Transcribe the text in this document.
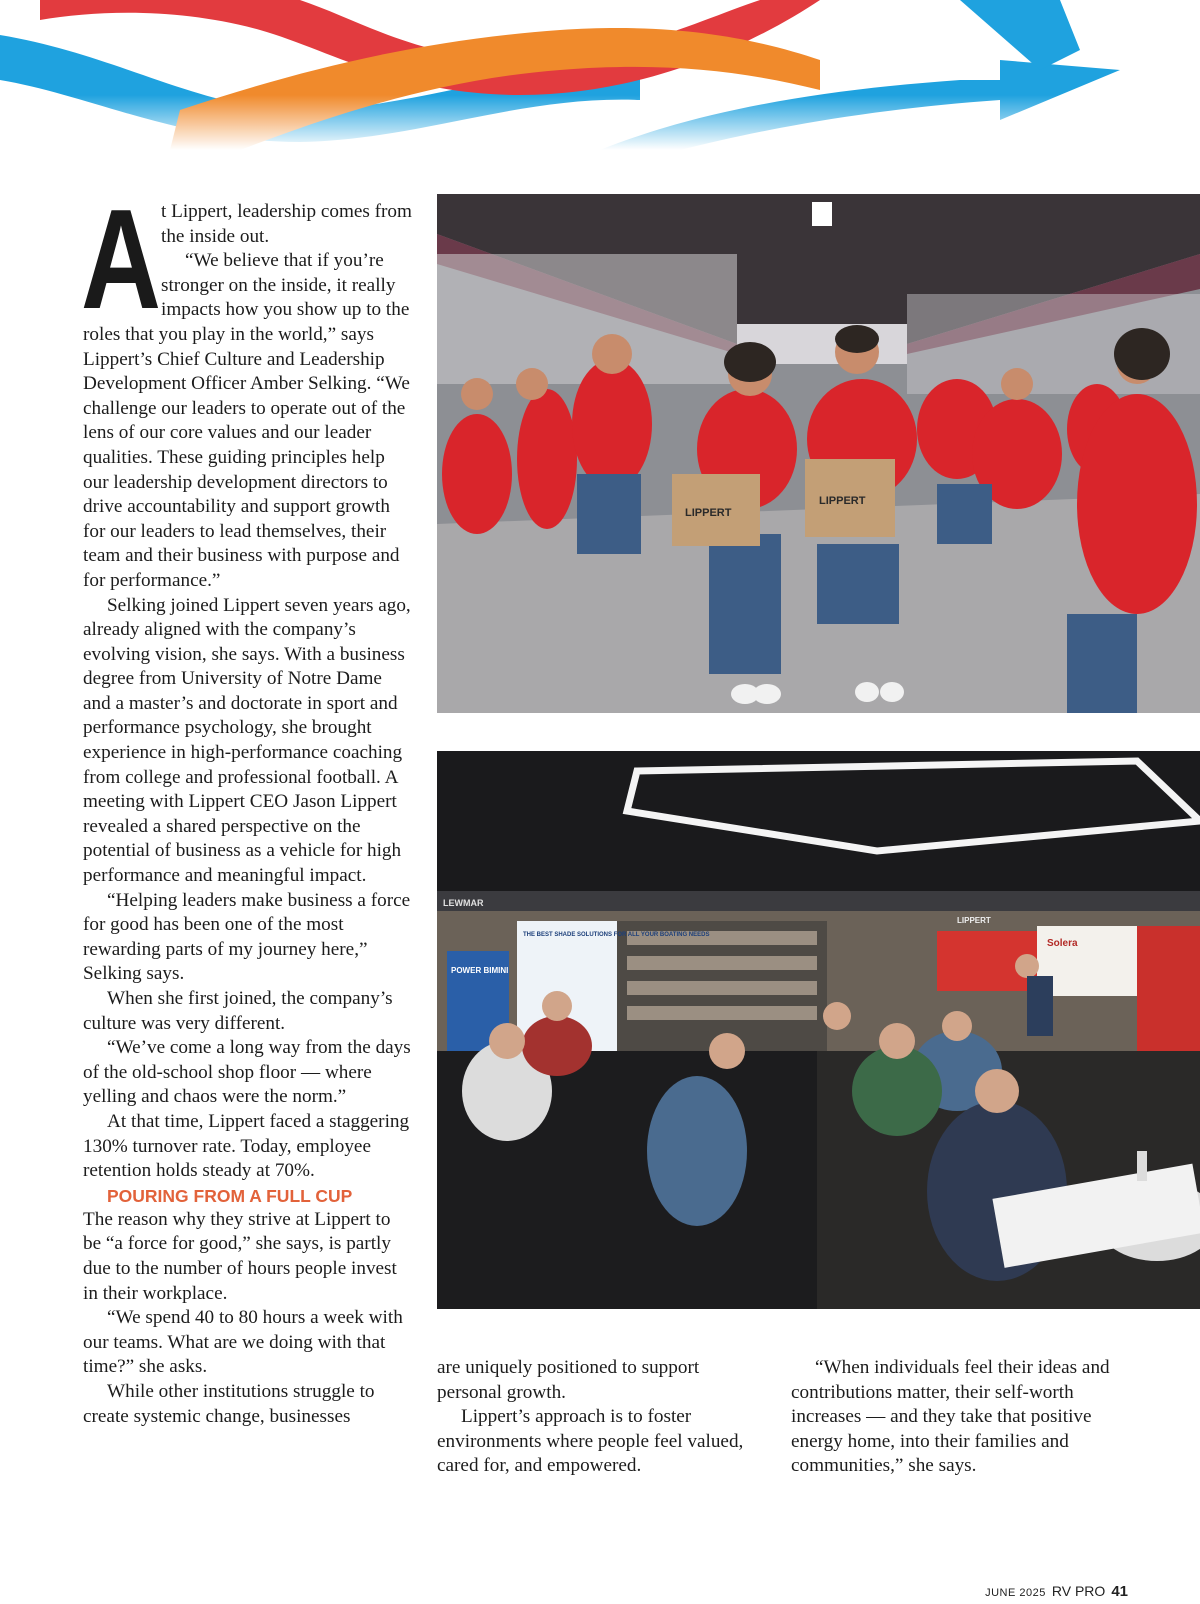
A t Lippert, leadership comes from the inside out.

“We believe that if you’re stronger on the inside, it really impacts how you show up to the roles that you play in the world,” says Lippert’s Chief Culture and Leadership Development Officer Amber Selking. “We challenge our leaders to operate out of the lens of our core values and our leader qualities. These guiding principles help our leadership development directors to drive accountability and support growth for our leaders to lead themselves, their team and their business with purpose and for performance.”

Selking joined Lippert seven years ago, already aligned with the company’s evolving vision, she says. With a business degree from University of Notre Dame and a master’s and doctorate in sport and performance psychology, she brought experience in high-performance coaching from college and professional football. A meeting with Lippert CEO Jason Lippert revealed a shared perspective on the potential of business as a vehicle for high performance and meaningful impact.

“Helping leaders make business a force for good has been one of the most rewarding parts of my journey here,” Selking says.

When she first joined, the company’s culture was very different.

“We’ve come a long way from the days of the old-school shop floor — where yelling and chaos were the norm.”

At that time, Lippert faced a staggering 130% turnover rate. Today, employee retention holds steady at 70%.

POURING FROM A FULL CUP

The reason why they strive at Lippert to be “a force for good,” she says, is partly due to the number of hours people invest in their workplace.

“We spend 40 to 80 hours a week with our teams. What are we doing with that time?” she asks.

While other institutions struggle to create systemic change, businesses

LIPPERT
LIPPERT
LEWMAR
THE BEST SHADE SOLUTIONS FOR ALL YOUR BOATING NEEDS
POWER BIMINI
LIPPERT
Solera

are uniquely positioned to support personal growth.

Lippert’s approach is to foster environments where people feel valued, cared for, and empowered.

“When individuals feel their ideas and contributions matter, their self-worth increases — and they take that positive energy home, into their families and communities,” she says.

JUNE 2025 RV PRO 41
